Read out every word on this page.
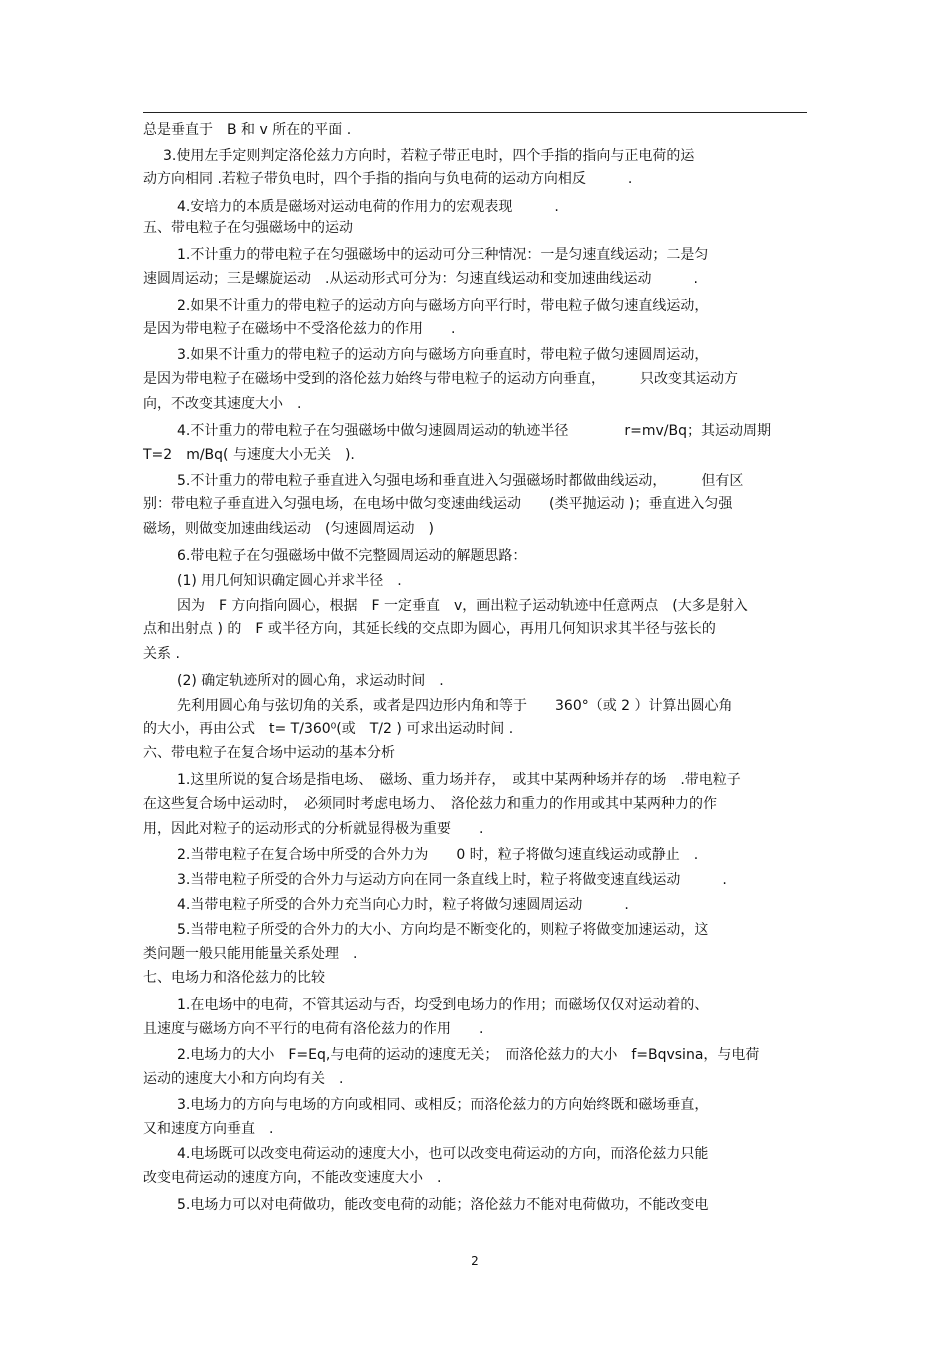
总是垂直于　B 和 v 所在的平面 .
3.使用左手定则判定洛伦兹力方向时，若粒子带正电时，四个手指的指向与正电荷的运
动方向相同 .若粒子带负电时，四个手指的指向与负电荷的运动方向相反　　　.
4.安培力的本质是磁场对运动电荷的作用力的宏观表现　　　.
五、带电粒子在匀强磁场中的运动
1.不计重力的带电粒子在匀强磁场中的运动可分三种情况：一是匀速直线运动；二是匀
速圆周运动；三是螺旋运动　.从运动形式可分为：匀速直线运动和变加速曲线运动　　　.
2.如果不计重力的带电粒子的运动方向与磁场方向平行时，带电粒子做匀速直线运动，
是因为带电粒子在磁场中不受洛伦兹力的作用　　.
3.如果不计重力的带电粒子的运动方向与磁场方向垂直时，带电粒子做匀速圆周运动，
是因为带电粒子在磁场中受到的洛伦兹力始终与带电粒子的运动方向垂直，　　　只改变其运动方
向，不改变其速度大小　.
4.不计重力的带电粒子在匀强磁场中做匀速圆周运动的轨迹半径　　　　r=mv/Bq；其运动周期
T=2　m/Bq( 与速度大小无关　).
5.不计重力的带电粒子垂直进入匀强电场和垂直进入匀强磁场时都做曲线运动，　　　但有区
别：带电粒子垂直进入匀强电场，在电场中做匀变速曲线运动　　(类平抛运动 )；垂直进入匀强
磁场，则做变加速曲线运动　(匀速圆周运动　)
6.带电粒子在匀强磁场中做不完整圆周运动的解题思路：
(1) 用几何知识确定圆心并求半径　.
因为　F 方向指向圆心，根据　F 一定垂直　v，画出粒子运动轨迹中任意两点　(大多是射入
点和出射点 ) 的　F 或半径方向，其延长线的交点即为圆心，再用几何知识求其半径与弦长的
关系 .
(2) 确定轨迹所对的圆心角，求运动时间　.
先利用圆心角与弦切角的关系，或者是四边形内角和等于　　360°（或 2 ）计算出圆心角
的大小，再由公式　t= T/360⁰(或　T/2 ) 可求出运动时间 .
六、带电粒子在复合场中运动的基本分析
1.这里所说的复合场是指电场、　磁场、重力场并存，　或其中某两种场并存的场　.带电粒子
在这些复合场中运动时，　必须同时考虑电场力、　洛伦兹力和重力的作用或其中某两种力的作
用，因此对粒子的运动形式的分析就显得极为重要　　.
2.当带电粒子在复合场中所受的合外力为　　0 时，粒子将做匀速直线运动或静止　.
3.当带电粒子所受的合外力与运动方向在同一条直线上时，粒子将做变速直线运动　　　.
4.当带电粒子所受的合外力充当向心力时，粒子将做匀速圆周运动　　　.
5.当带电粒子所受的合外力的大小、方向均是不断变化的，则粒子将做变加速运动，这
类问题一般只能用能量关系处理　.
七、电场力和洛伦兹力的比较
1.在电场中的电荷，不管其运动与否，均受到电场力的作用；而磁场仅仅对运动着的、
且速度与磁场方向不平行的电荷有洛伦兹力的作用　　.
2.电场力的大小　F=Eq,与电荷的运动的速度无关；　而洛伦兹力的大小　f=Bqvsina，与电荷
运动的速度大小和方向均有关　.
3.电场力的方向与电场的方向或相同、或相反；而洛伦兹力的方向始终既和磁场垂直，
又和速度方向垂直　.
4.电场既可以改变电荷运动的速度大小，也可以改变电荷运动的方向，而洛伦兹力只能
改变电荷运动的速度方向，不能改变速度大小　.
5.电场力可以对电荷做功，能改变电荷的动能；洛伦兹力不能对电荷做功，不能改变电
2
